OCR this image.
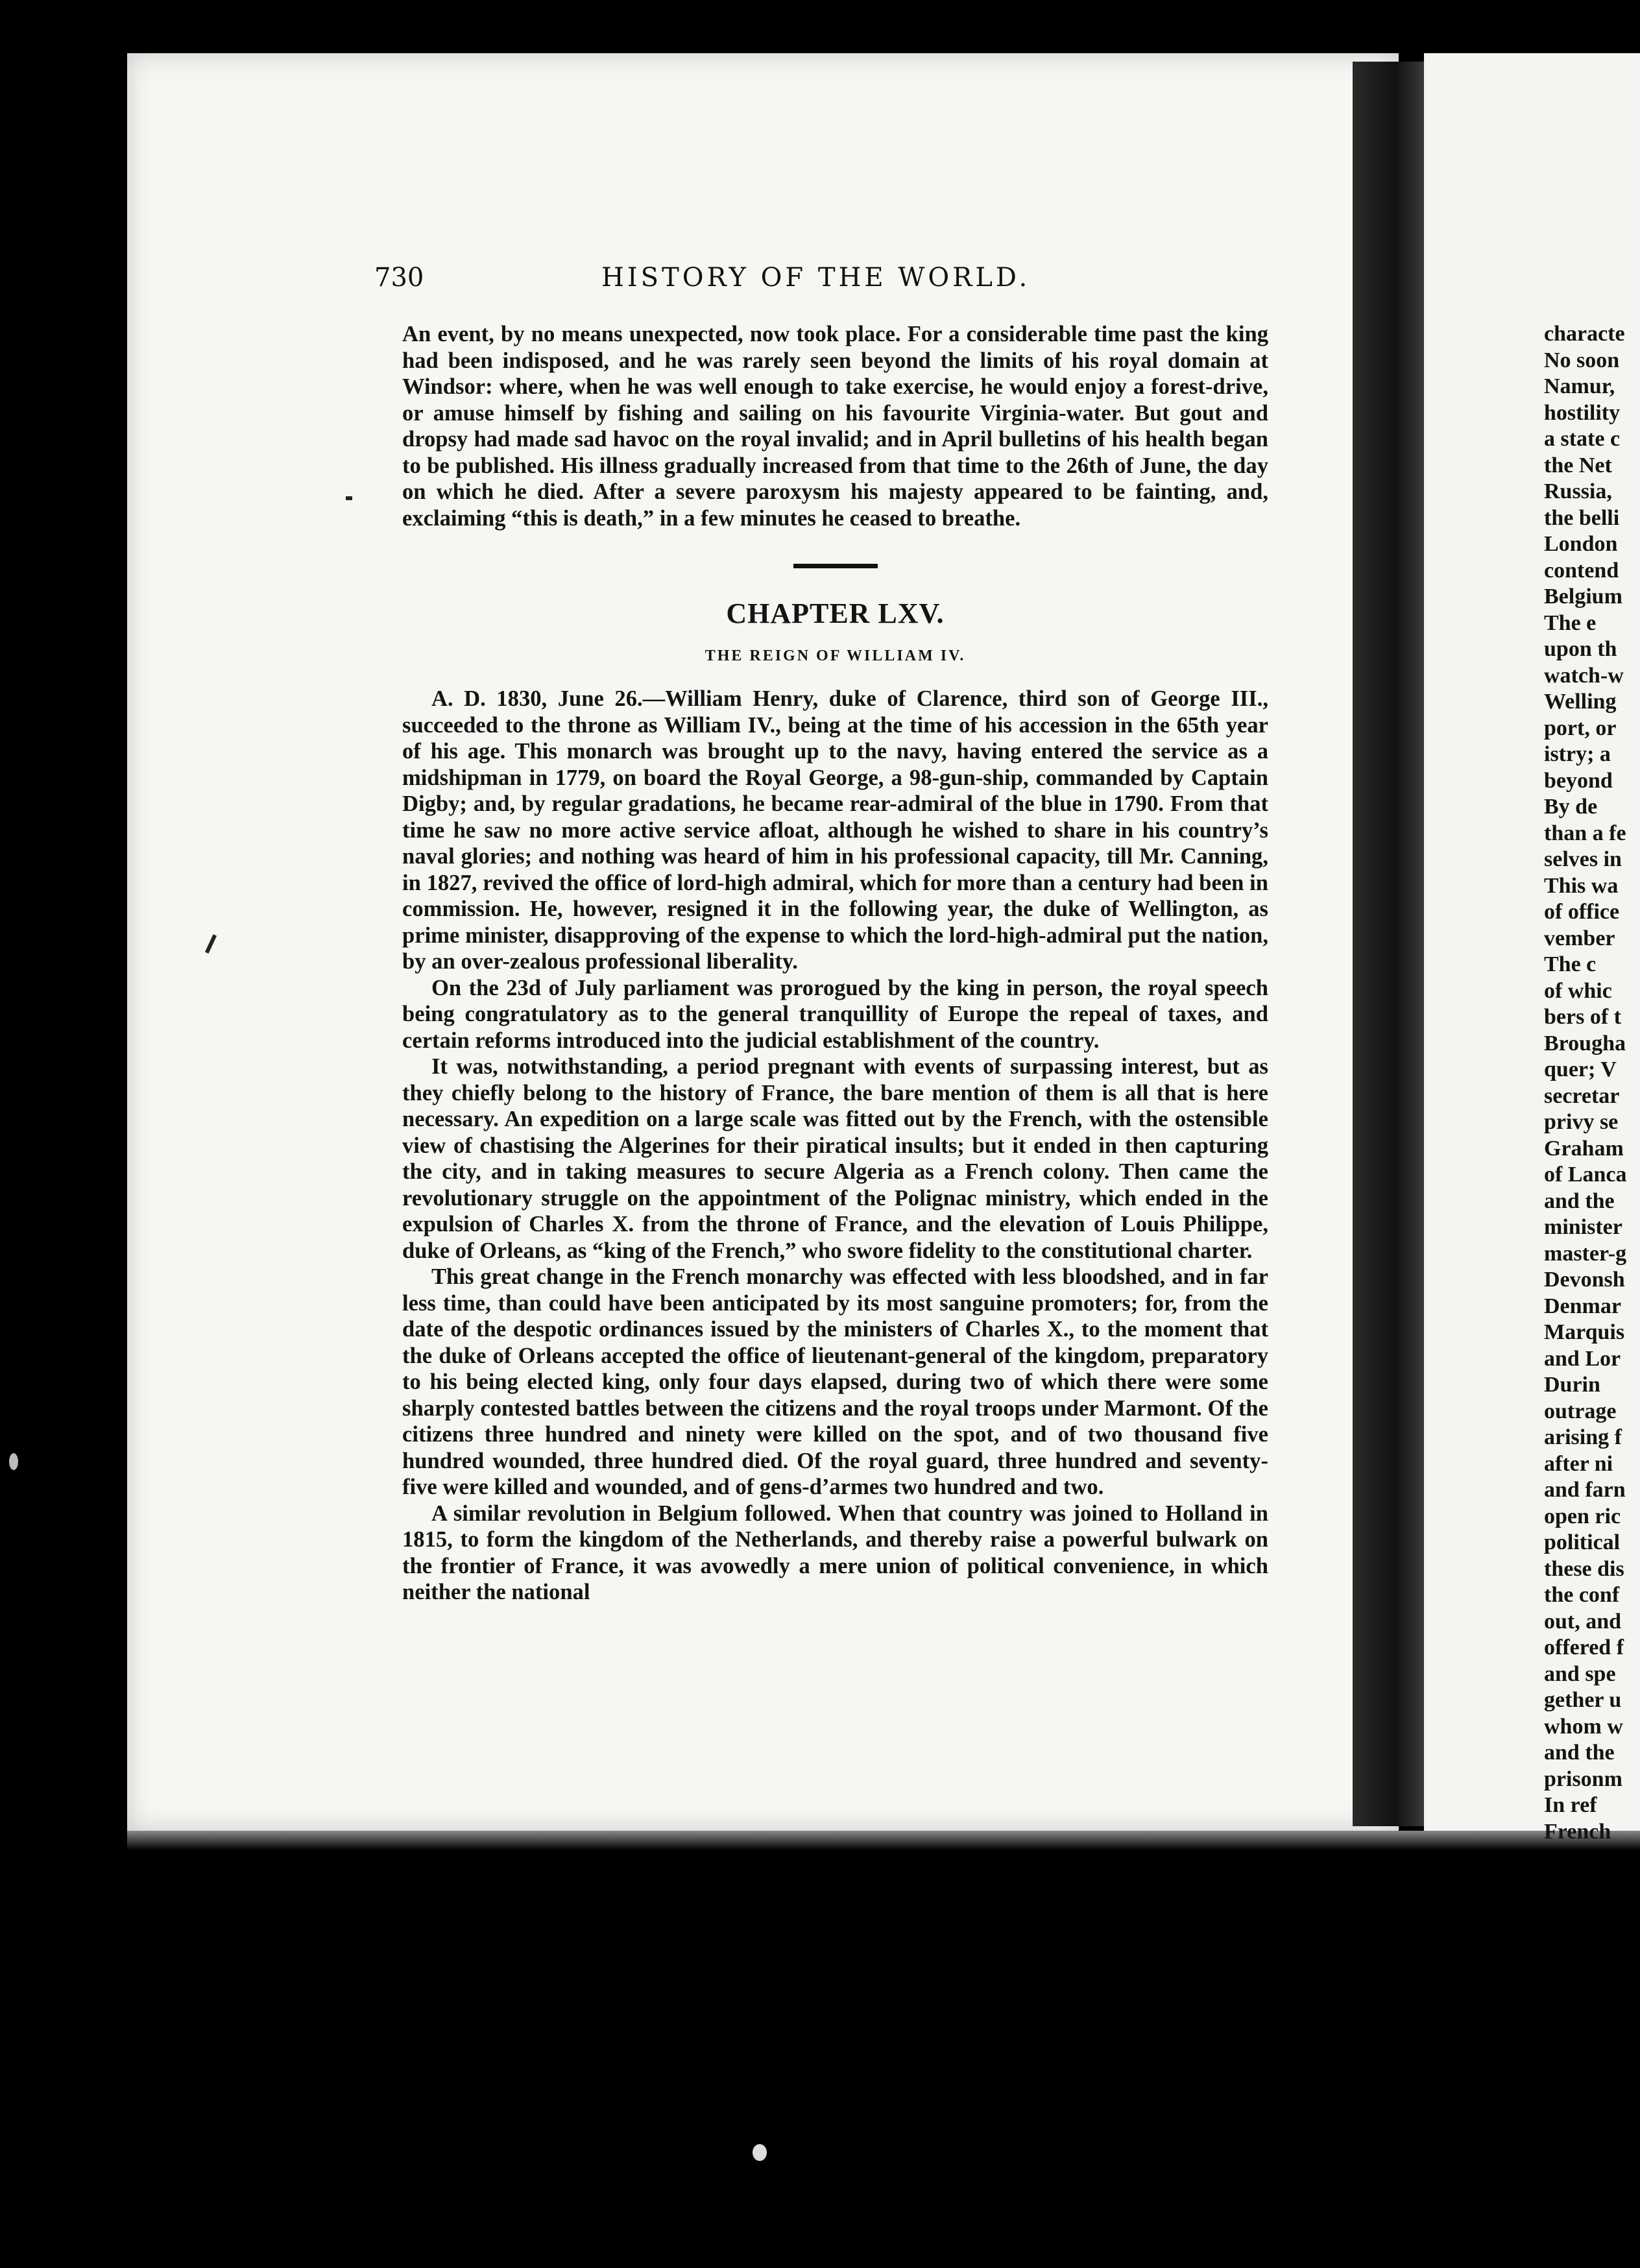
730	HISTORY OF THE WORLD.

An event, by no means unexpected, now took place. For a considerable time past the king had been indisposed, and he was rarely seen beyond the limits of his royal domain at Windsor: where, when he was well enough to take exercise, he would enjoy a forest-drive, or amuse himself by fishing and sailing on his favourite Virginia-water. But gout and dropsy had made sad havoc on the royal invalid; and in April bulletins of his health began to be published. His illness gradually increased from that time to the 26th of June, the day on which he died. After a severe paroxysm his majesty appeared to be fainting, and, exclaiming “this is death,” in a few minutes he ceased to breathe.

CHAPTER LXV.
THE REIGN OF WILLIAM IV.

A. D. 1830, June 26.—William Henry, duke of Clarence, third son of George III., succeeded to the throne as William IV., being at the time of his accession in the 65th year of his age. This monarch was brought up to the navy, having entered the service as a midshipman in 1779, on board the Royal George, a 98-gun-ship, commanded by Captain Digby; and, by regular gradations, he became rear-admiral of the blue in 1790. From that time he saw no more active service afloat, although he wished to share in his country’s naval glories; and nothing was heard of him in his professional capacity, till Mr. Canning, in 1827, revived the office of lord-high admiral, which for more than a century had been in commission. He, however, resigned it in the following year, the duke of Wellington, as prime minister, disapproving of the expense to which the lord-high-admiral put the nation, by an over-zealous professional liberality.

On the 23d of July parliament was prorogued by the king in person, the royal speech being congratulatory as to the general tranquillity of Europe the repeal of taxes, and certain reforms introduced into the judicial establishment of the country.

It was, notwithstanding, a period pregnant with events of surpassing interest, but as they chiefly belong to the history of France, the bare mention of them is all that is here necessary. An expedition on a large scale was fitted out by the French, with the ostensible view of chastising the Algerines for their piratical insults; but it ended in then capturing the city, and in taking measures to secure Algeria as a French colony. Then came the revolutionary struggle on the appointment of the Polignac ministry, which ended in the expulsion of Charles X. from the throne of France, and the elevation of Louis Philippe, duke of Orleans, as “king of the French,” who swore fidelity to the constitutional charter.

This great change in the French monarchy was effected with less bloodshed, and in far less time, than could have been anticipated by its most sanguine promoters; for, from the date of the despotic ordinances issued by the ministers of Charles X., to the moment that the duke of Orleans accepted the office of lieutenant-general of the kingdom, preparatory to his being elected king, only four days elapsed, during two of which there were some sharply contested battles between the citizens and the royal troops under Marmont. Of the citizens three hundred and ninety were killed on the spot, and of two thousand five hundred wounded, three hundred died. Of the royal guard, three hundred and seventy-five were killed and wounded, and of gens-d’armes two hundred and two.

A similar revolution in Belgium followed. When that country was joined to Holland in 1815, to form the kingdom of the Netherlands, and thereby raise a powerful bulwark on the frontier of France, it was avowedly a mere union of political convenience, in which neither the national

characte
No soon
Namur,
hostility
a state c
the Net
Russia,
the belli
London
contend
Belgium
The e
upon th
watch-w
Welling
port, or
istry; a
beyond
By de
than a fe
selves in
This wa
of office
vember
The c
of whic
bers of t
Brougha
quer; V
secretar
privy se
Graham
of Lanca
and the
minister
master-g
Devonsh
Denmar
Marquis
and Lor
Durin
outrage
arising f
after ni
and farn
open ric
political
these dis
the conf
out, and
offered f
and spe
gether u
whom w
and the
prisonm
In ref
French
